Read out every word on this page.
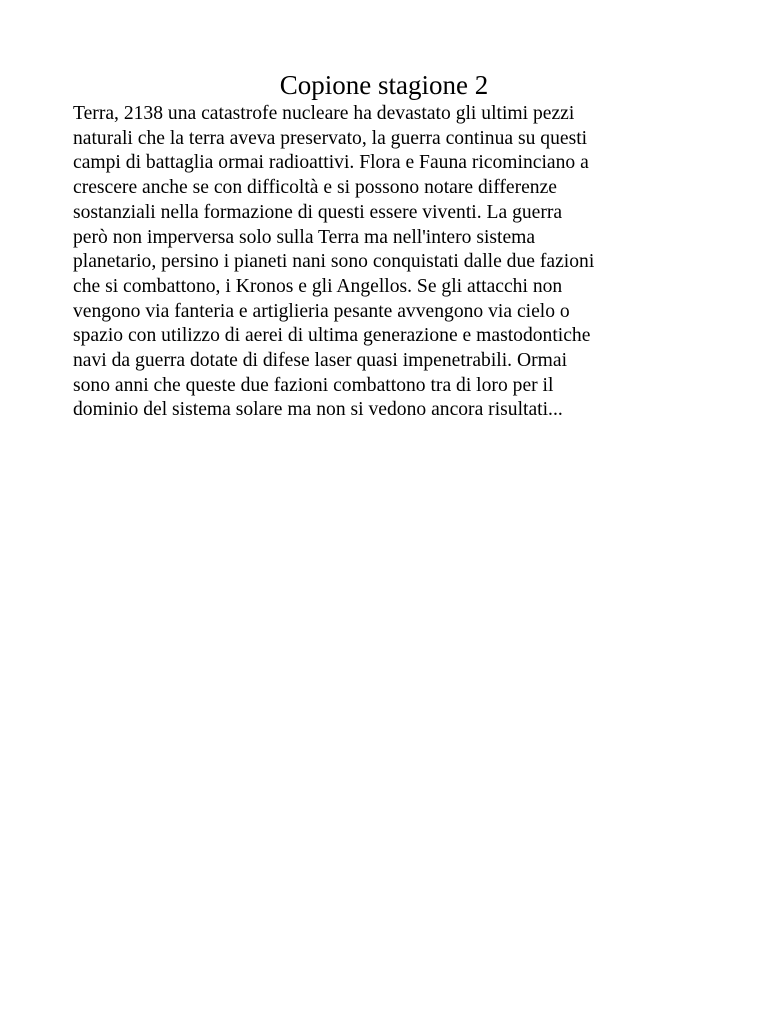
Copione stagione 2

Terra, 2138 una catastrofe nucleare ha devastato gli ultimi pezzi
naturali che la terra aveva preservato, la guerra continua su questi
campi di battaglia ormai radioattivi. Flora e Fauna ricominciano a
crescere anche se con difficoltà e si possono notare differenze
sostanziali nella formazione di questi essere viventi. La guerra
però non imperversa solo sulla Terra ma nell'intero sistema
planetario, persino i pianeti nani sono conquistati dalle due fazioni
che si combattono, i Kronos e gli Angellos. Se gli attacchi non
vengono via fanteria e artiglieria pesante avvengono via cielo o
spazio con utilizzo di aerei di ultima generazione e mastodontiche
navi da guerra dotate di difese laser quasi impenetrabili. Ormai
sono anni che queste due fazioni combattono tra di loro per il
dominio del sistema solare ma non si vedono ancora risultati...
